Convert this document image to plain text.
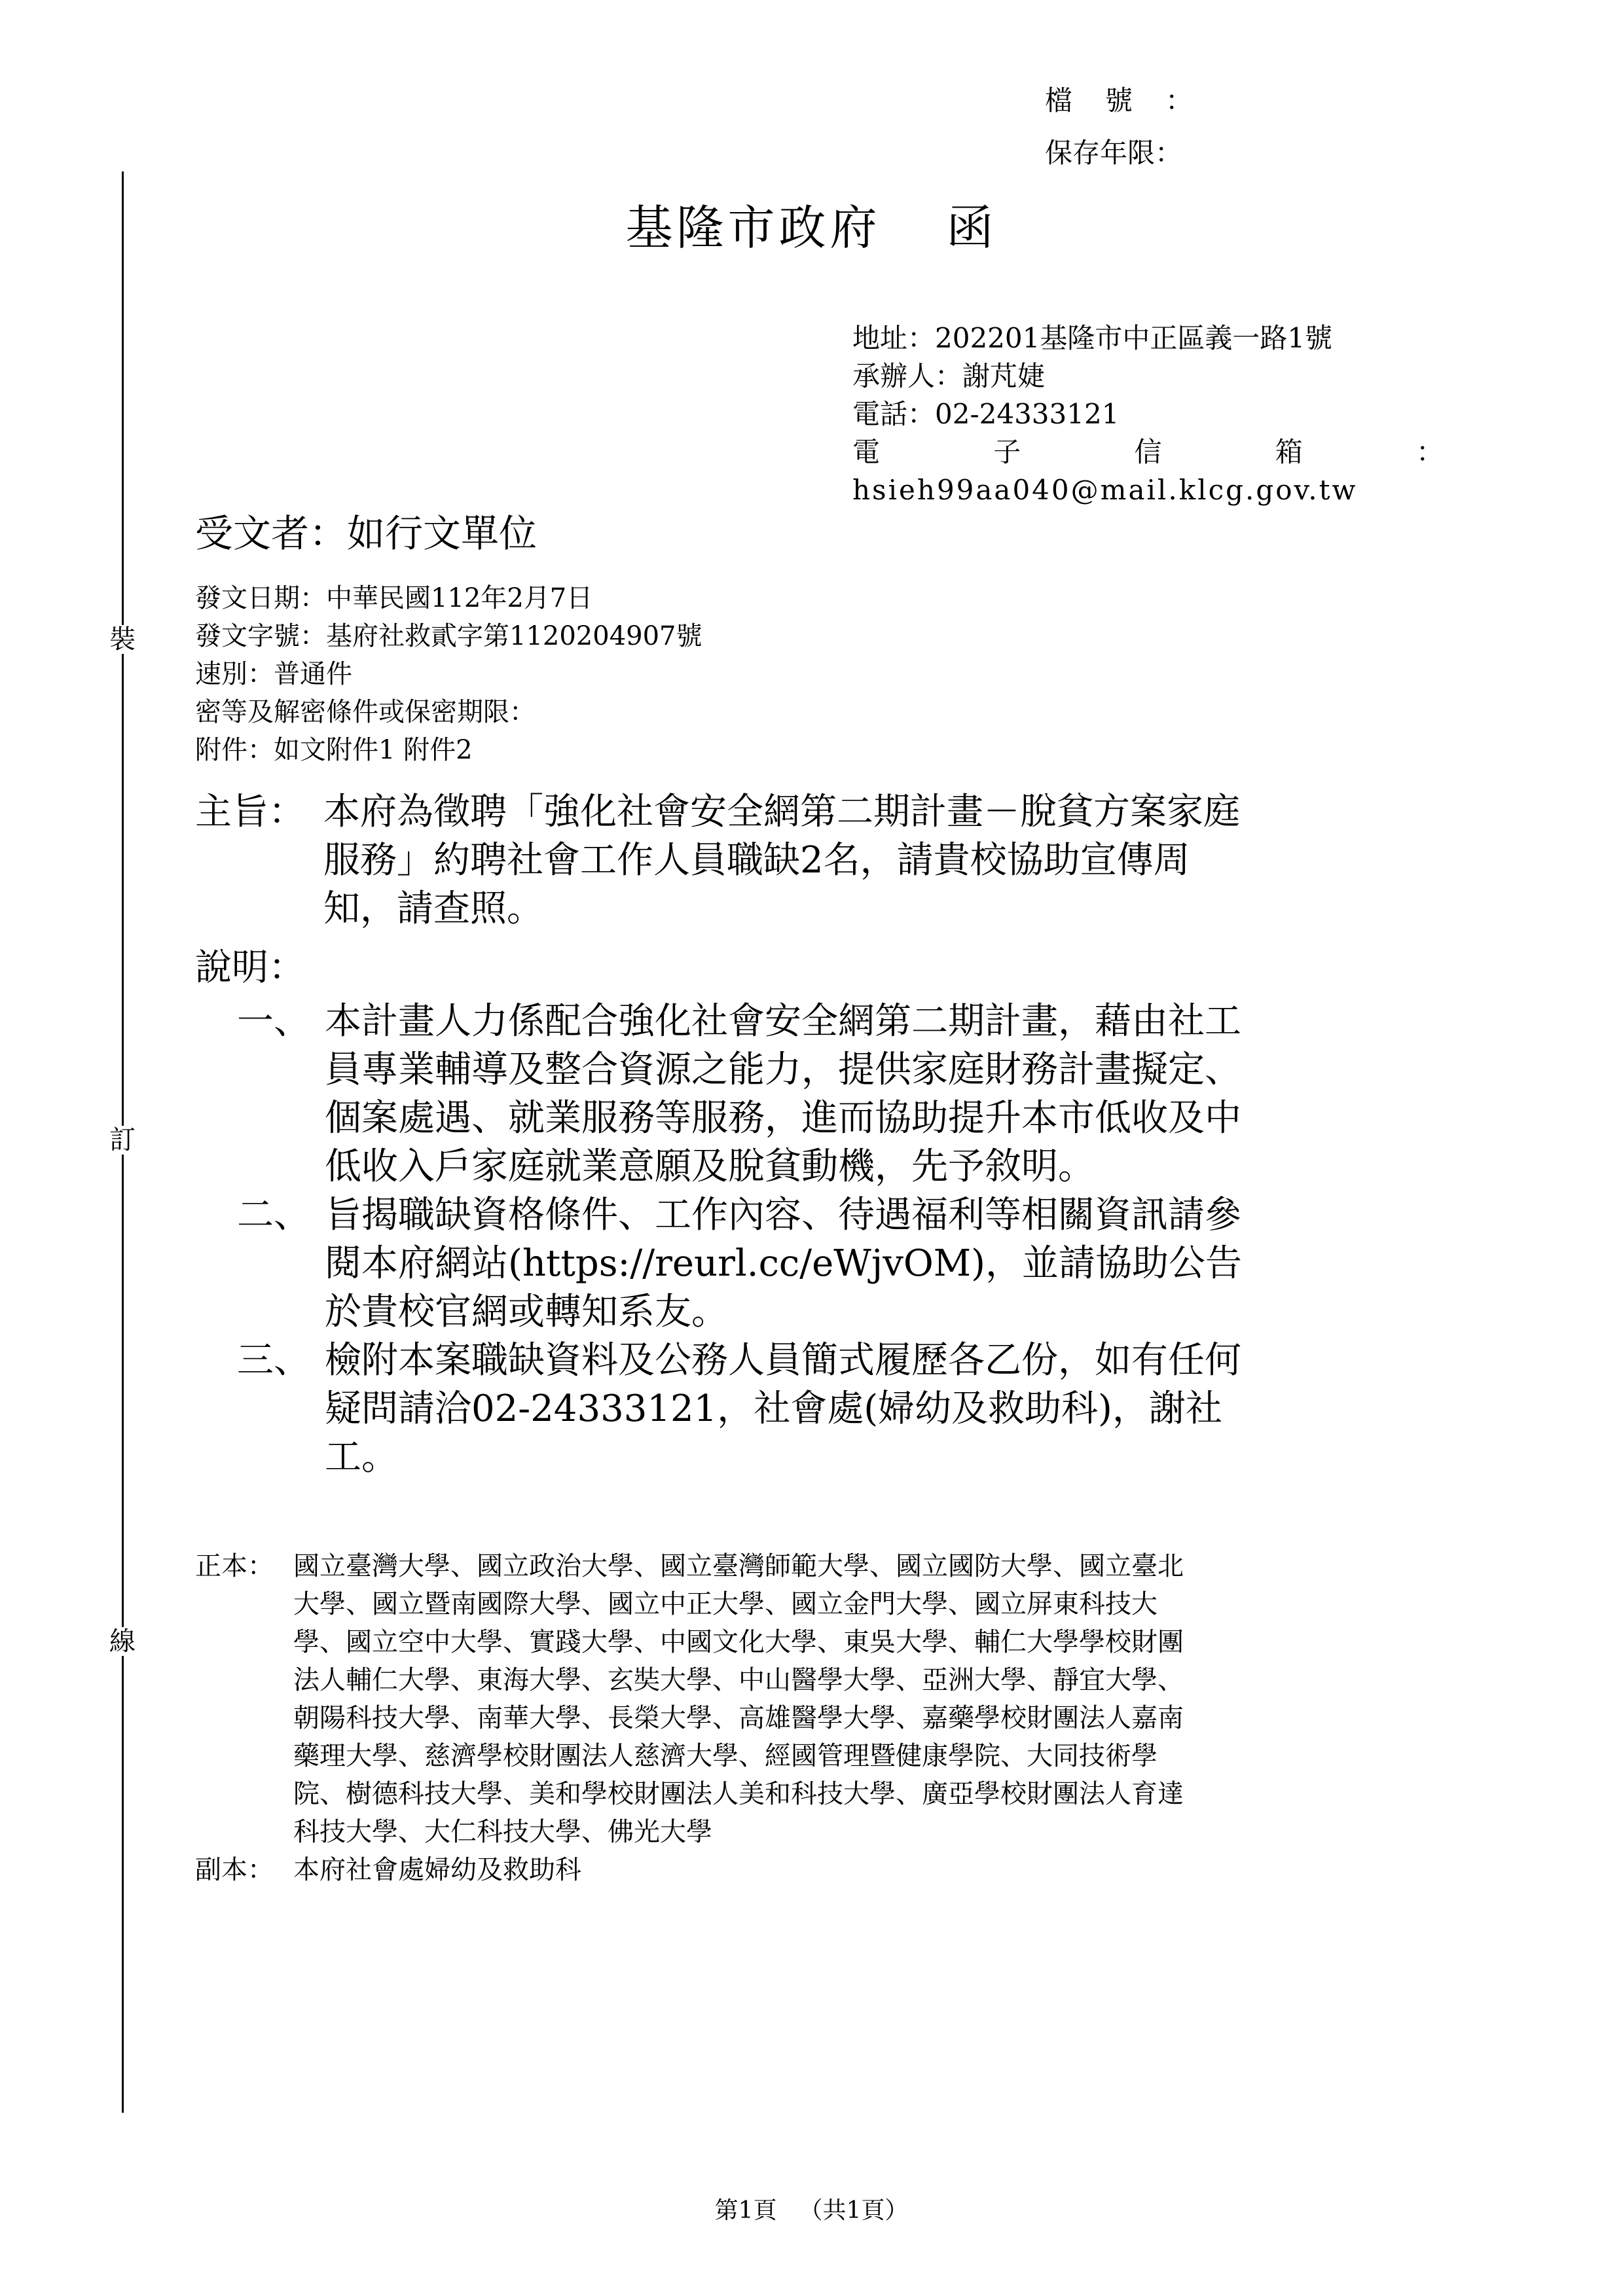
裝
訂
線
檔號：
保存年限：
基隆市政府 函
地址：202201基隆市中正區義一路1號
承辦人：謝芃婕
電話：02-24333121
電	子	信	箱	：
hsieh99aa040@mail.klcg.gov.tw
受文者：如行文單位
發文日期：中華民國112年2月7日
發文字號：基府社救貳字第1120204907號
速別：普通件
密等及解密條件或保密期限：
附件：如文附件1 附件2
主旨： 本府為徵聘「強化社會安全網第二期計畫－脫貧方案家庭
服務」約聘社會工作人員職缺2名，請貴校協助宣傳周
知，請查照。
說明：
一、 本計畫人力係配合強化社會安全網第二期計畫，藉由社工
員專業輔導及整合資源之能力，提供家庭財務計畫擬定、
個案處遇、就業服務等服務，進而協助提升本市低收及中
低收入戶家庭就業意願及脫貧動機，先予敘明。
二、 旨揭職缺資格條件、工作內容、待遇福利等相關資訊請參
閱本府網站(https://reurl.cc/eWjvOM)，並請協助公告
於貴校官網或轉知系友。
三、 檢附本案職缺資料及公務人員簡式履歷各乙份，如有任何
疑問請洽02-24333121，社會處(婦幼及救助科)，謝社
工。
正本： 國立臺灣大學、國立政治大學、國立臺灣師範大學、國立國防大學、國立臺北
大學、國立暨南國際大學、國立中正大學、國立金門大學、國立屏東科技大
學、國立空中大學、實踐大學、中國文化大學、東吳大學、輔仁大學學校財團
法人輔仁大學、東海大學、玄奘大學、中山醫學大學、亞洲大學、靜宜大學、
朝陽科技大學、南華大學、長榮大學、高雄醫學大學、嘉藥學校財團法人嘉南
藥理大學、慈濟學校財團法人慈濟大學、經國管理暨健康學院、大同技術學
院、樹德科技大學、美和學校財團法人美和科技大學、廣亞學校財團法人育達
科技大學、大仁科技大學、佛光大學
副本： 本府社會處婦幼及救助科
第1頁 （共1頁）
